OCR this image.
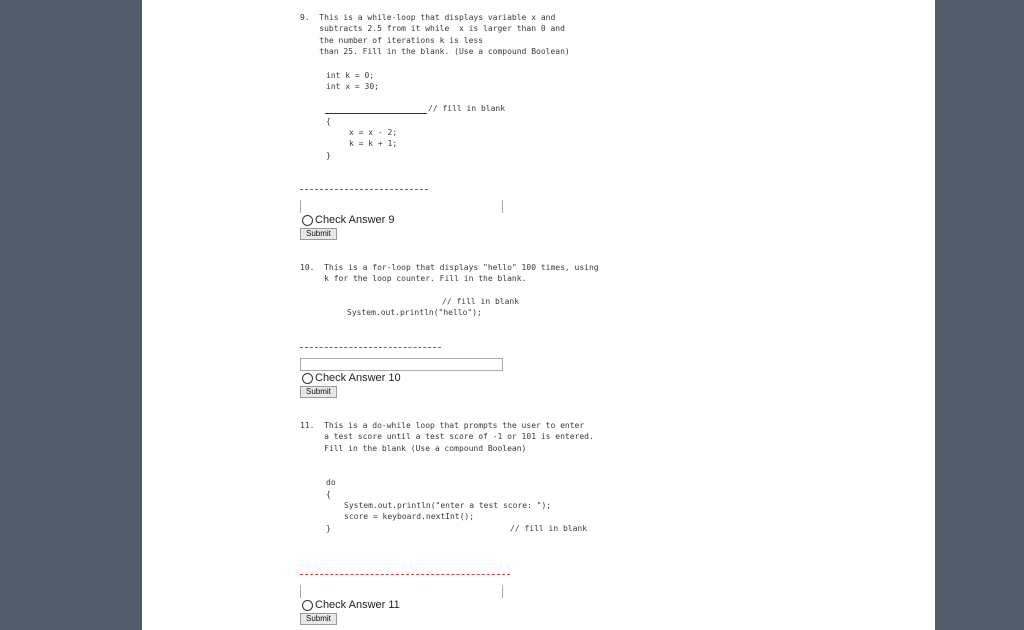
9.  This is a while-loop that displays variable x and
subtracts 2.5 from it while  x is larger than 0 and
the number of iterations k is less
than 25. Fill in the blank. (Use a compound Boolean)
int k = 0;
int x = 30;
// fill in blank
{
x = x - 2;
k = k + 1;
}
Check Answer 9
Submit
10.  This is a for-loop that displays "hello" 100 times, using
k for the loop counter. Fill in the blank.
// fill in blank
System.out.println("hello");
Check Answer 10
Submit
11.  This is a do-while loop that prompts the user to enter
a test score until a test score of -1 or 101 is entered.
Fill in the blank (Use a compound Boolean)
do
{
System.out.println("enter a test score: ");
score = keyboard.nextInt();
}	// fill in blank
Check Answer 11
Submit
